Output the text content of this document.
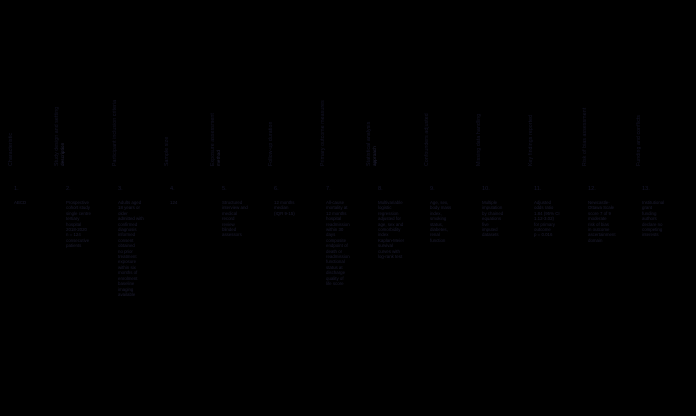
Characteristic
1.
ABCD
Study design and setting description
2.
Prospective
cohort study
single centre
tertiary
hospital
2018-2020
n = 124
consecutive
patients
Participant inclusion criteria
3.
Adults aged
18 years or
older
admitted with
confirmed
diagnosis
informed
consent
obtained
no prior
treatment
exposure
within six
months of
enrolment
baseline
imaging
available
Sample size
4.
124
Exposure assessment method
5.
Structured
interview and
medical
record
review
blinded
assessors
Follow-up duration
6.
12 months
median
(IQR 9-15)
Primary outcome measures
7.
All-cause
mortality at
12 months
hospital
readmission
within 30
days
composite
endpoint of
death or
readmission
functional
status at
discharge
quality of
life score
Statistical analysis approach
8.
Multivariable
logistic
regression
adjusted for
age, sex and
comorbidity
index
Kaplan-Meier
survival
curves with
log-rank test
Confounders adjusted
9.
Age, sex,
body mass
index,
smoking
status,
diabetes,
renal
function
Missing data handling
10.
Multiple
imputation
by chained
equations
five
imputed
datasets
Key findings reported
11.
Adjusted
odds ratio
1.84 (95% CI
1.12-3.02)
for primary
outcome
p = 0.016
Risk of bias assessment
12.
Newcastle-
Ottawa Scale
score 7 of 9
moderate
risk of bias
in outcome
ascertainment
domain
Funding and conflicts
13.
Institutional
grant
funding
authors
declare no
competing
interests
